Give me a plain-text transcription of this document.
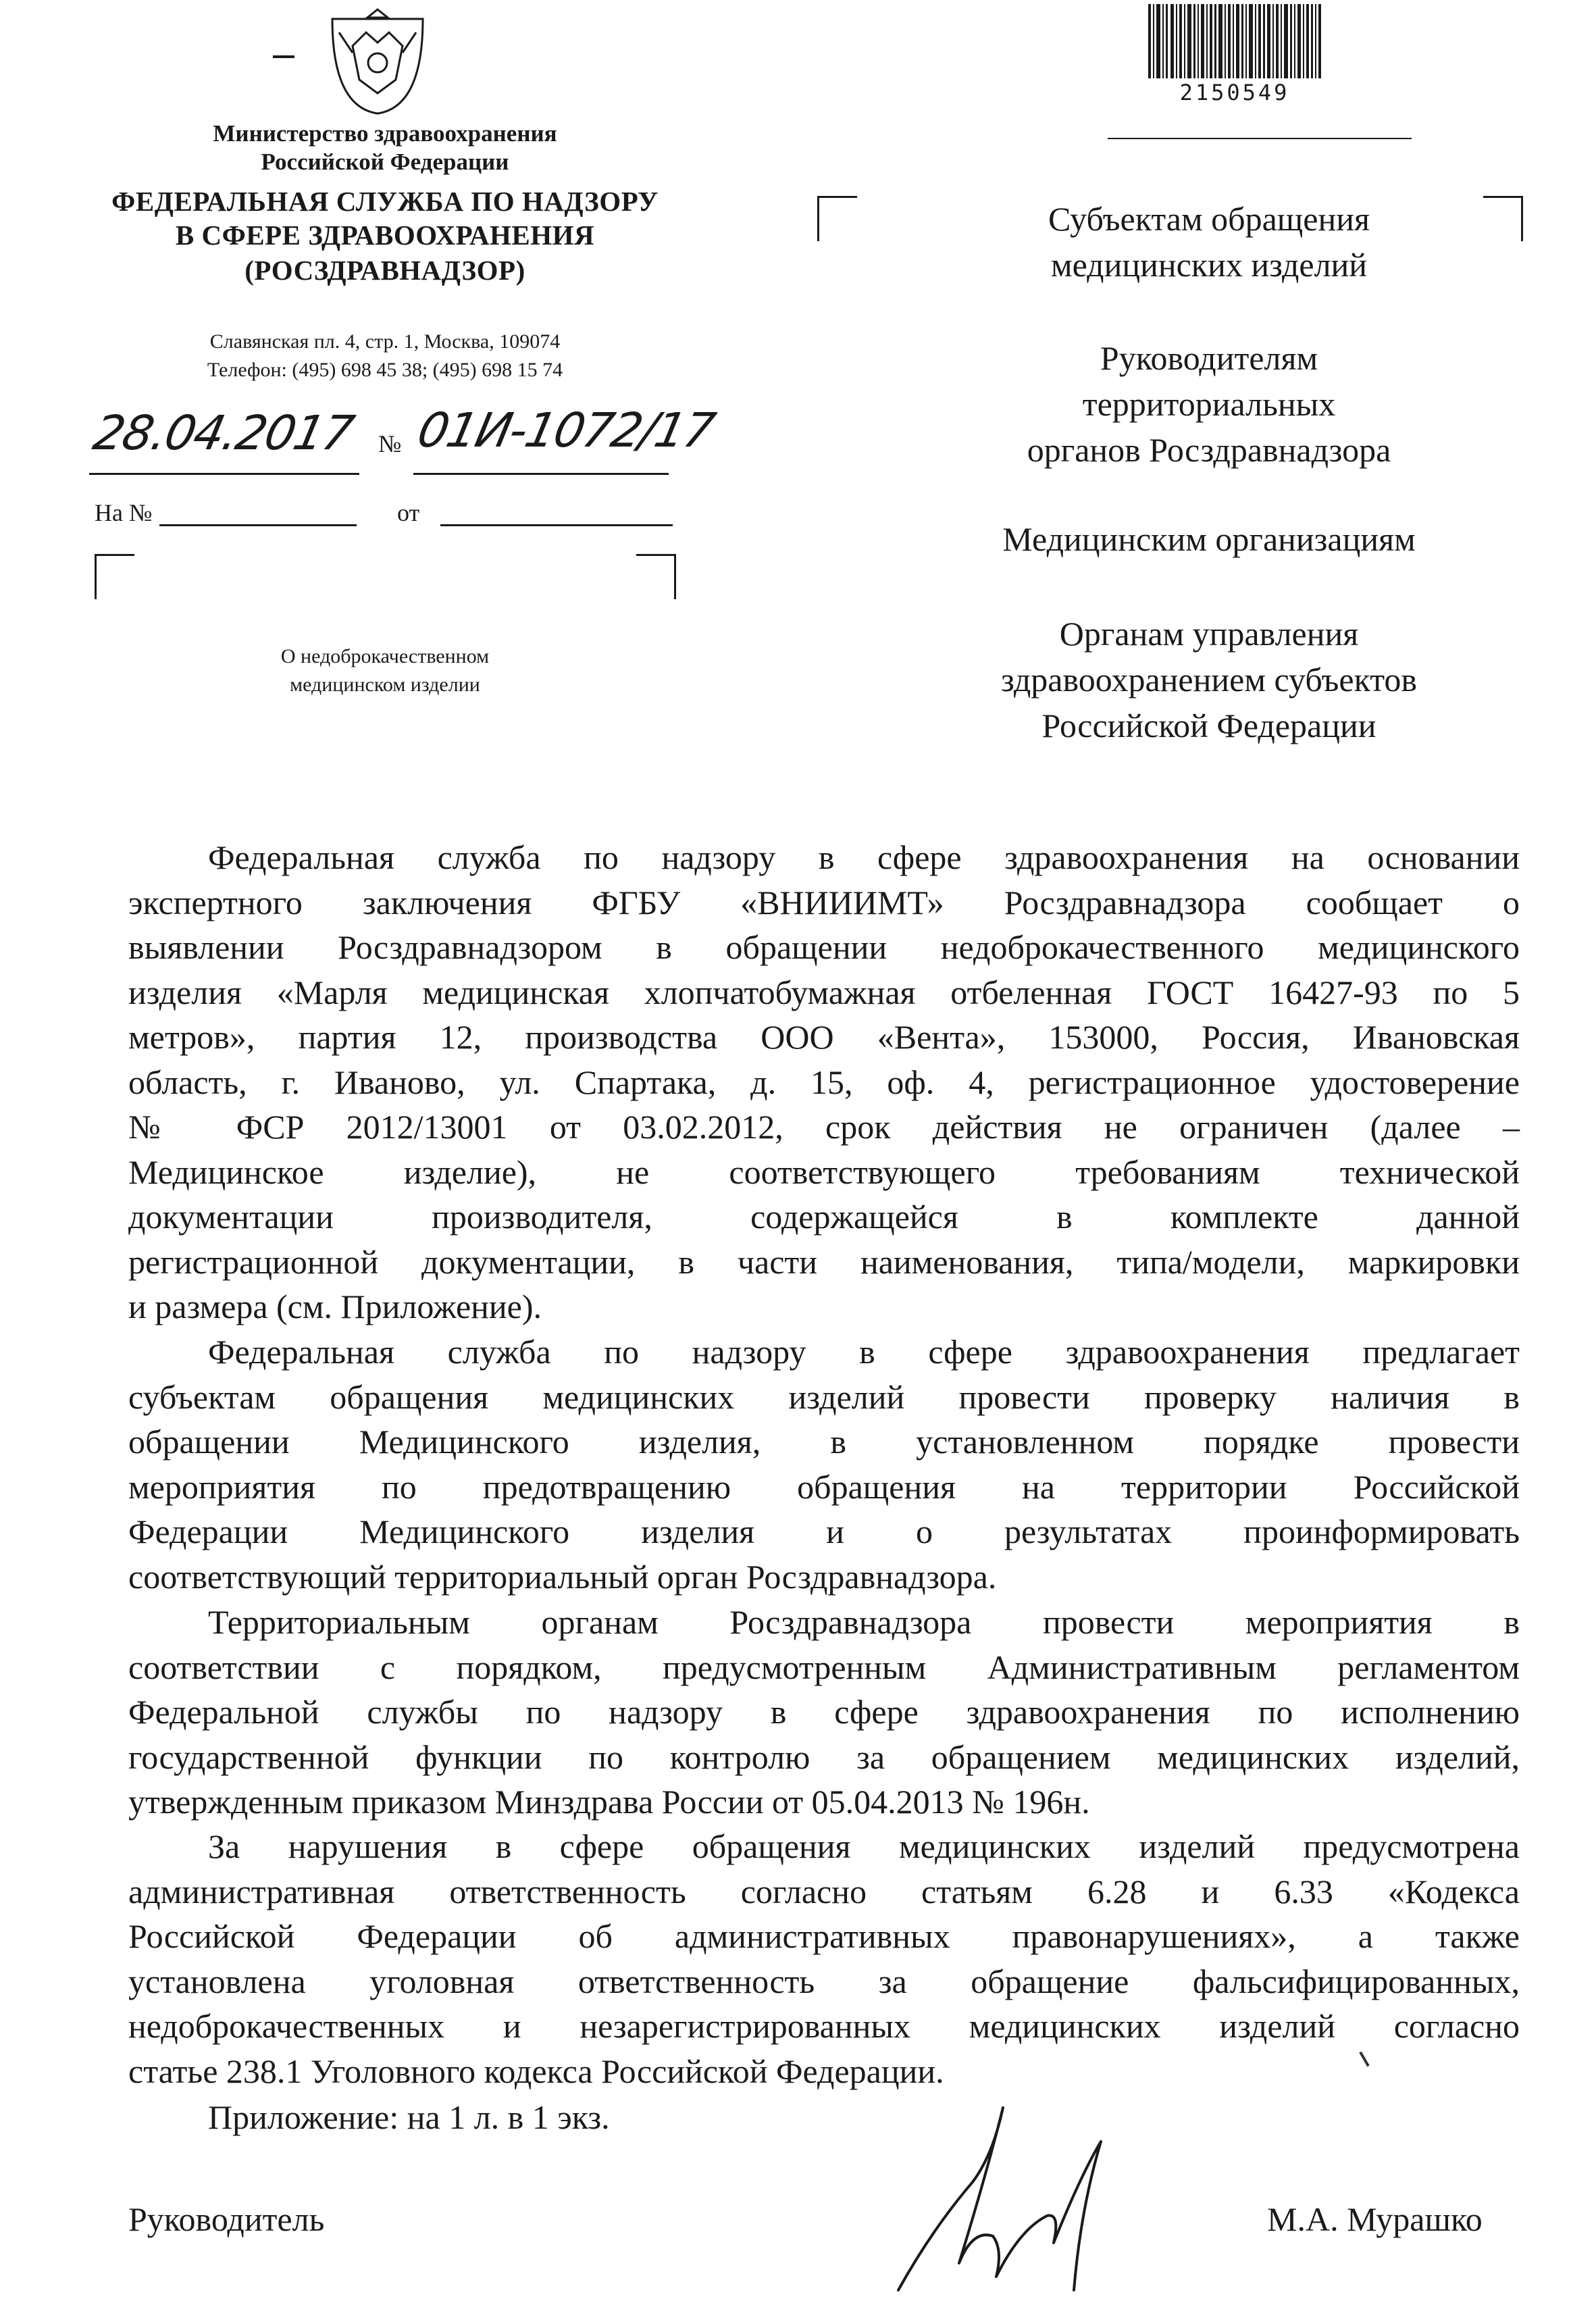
Министерство здравоохранения
Российской Федерации
ФЕДЕРАЛЬНАЯ СЛУЖБА ПО НАДЗОРУ
В СФЕРЕ ЗДРАВООХРАНЕНИЯ
(РОСЗДРАВНАДЗОР)
Славянская пл. 4, стр. 1, Москва, 109074
Телефон: (495) 698 45 38; (495) 698 15 74
28.04.2017 № 01И-1072/17
На №	от
О недоброкачественном
медицинском изделии
2150549
Субъектам обращения
медицинских изделий
Руководителям
территориальных
органов Росздравнадзора
Медицинским организациям
Органам управления
здравоохранением субъектов
Российской Федерации
Федеральная служба по надзору в сфере здравоохранения на основании
экспертного заключения ФГБУ «ВНИИИМТ» Росздравнадзора сообщает о
выявлении Росздравнадзором в обращении недоброкачественного медицинского
изделия «Марля медицинская хлопчатобумажная отбеленная ГОСТ 16427-93 по 5
метров», партия 12, производства ООО «Вента», 153000, Россия, Ивановская
область, г. Иваново, ул. Спартака, д. 15, оф. 4, регистрационное удостоверение
№ ФСР 2012/13001 от 03.02.2012, срок действия не ограничен (далее –
Медицинское изделие), не соответствующего требованиям технической
документации производителя, содержащейся в комплекте данной
регистрационной документации, в части наименования, типа/модели, маркировки
и размера (см. Приложение).
Федеральная служба по надзору в сфере здравоохранения предлагает
субъектам обращения медицинских изделий провести проверку наличия в
обращении Медицинского изделия, в установленном порядке провести
мероприятия по предотвращению обращения на территории Российской
Федерации Медицинского изделия и о результатах проинформировать
соответствующий территориальный орган Росздравнадзора.
Территориальным органам Росздравнадзора провести мероприятия в
соответствии с порядком, предусмотренным Административным регламентом
Федеральной службы по надзору в сфере здравоохранения по исполнению
государственной функции по контролю за обращением медицинских изделий,
утвержденным приказом Минздрава России от 05.04.2013 № 196н.
За нарушения в сфере обращения медицинских изделий предусмотрена
административная ответственность согласно статьям 6.28 и 6.33 «Кодекса
Российской Федерации об административных правонарушениях», а также
установлена уголовная ответственность за обращение фальсифицированных,
недоброкачественных и незарегистрированных медицинских изделий согласно
статье 238.1 Уголовного кодекса Российской Федерации.
Приложение: на 1 л. в 1 экз.
Руководитель	М.А. Мурашко
